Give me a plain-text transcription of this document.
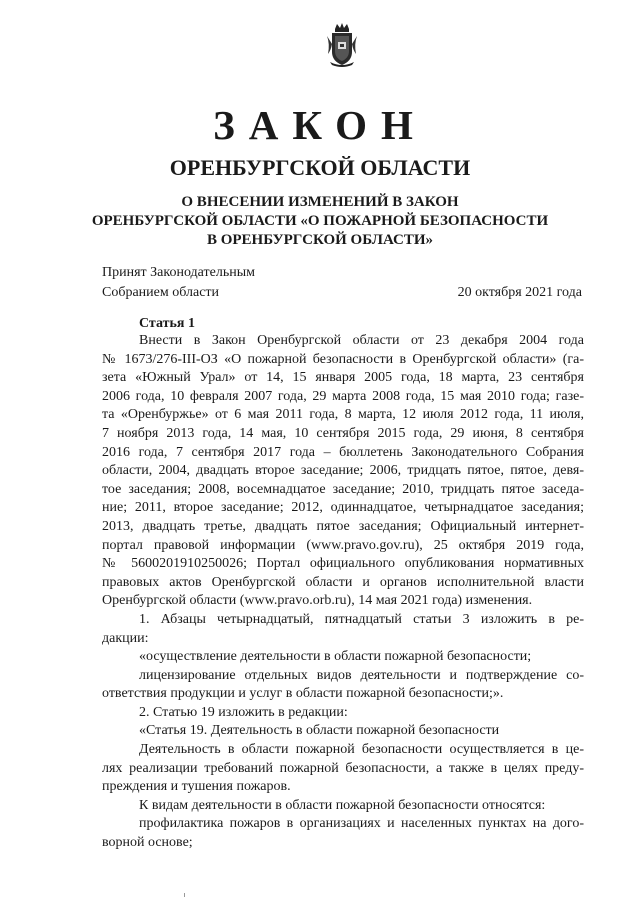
ЗАКОН
ОРЕНБУРГСКОЙ ОБЛАСТИ
О ВНЕСЕНИИ ИЗМЕНЕНИЙ В ЗАКОН
ОРЕНБУРГСКОЙ ОБЛАСТИ «О ПОЖАРНОЙ БЕЗОПАСНОСТИ
В ОРЕНБУРГСКОЙ ОБЛАСТИ»
Принят Законодательным
Собранием области	20 октября 2021 года
Статья 1
Внести в Закон Оренбургской области от 23 декабря 2004 года
№ 1673/276-III-ОЗ «О пожарной безопасности в Оренбургской области» (га-
зета «Южный Урал» от 14, 15 января 2005 года, 18 марта, 23 сентября
2006 года, 10 февраля 2007 года, 29 марта 2008 года, 15 мая 2010 года; газе-
та «Оренбуржье» от 6 мая 2011 года, 8 марта, 12 июля 2012 года, 11 июля,
7 ноября 2013 года, 14 мая, 10 сентября 2015 года, 29 июня, 8 сентября
2016 года, 7 сентября 2017 года – бюллетень Законодательного Собрания
области, 2004, двадцать второе заседание; 2006, тридцать пятое, пятое, девя-
тое заседания; 2008, восемнадцатое заседание; 2010, тридцать пятое заседа-
ние; 2011, второе заседание; 2012, одиннадцатое, четырнадцатое заседания;
2013, двадцать третье, двадцать пятое заседания; Официальный интернет-
портал правовой информации (www.pravo.gov.ru), 25 октября 2019 года,
№ 5600201910250026; Портал официального опубликования нормативных
правовых актов Оренбургской области и органов исполнительной власти
Оренбургской области (www.pravo.orb.ru), 14 мая 2021 года) изменения.
1. Абзацы четырнадцатый, пятнадцатый статьи 3 изложить в ре-
дакции:
«осуществление деятельности в области пожарной безопасности;
лицензирование отдельных видов деятельности и подтверждение со-
ответствия продукции и услуг в области пожарной безопасности;».
2. Статью 19 изложить в редакции:
«Статья 19. Деятельность в области пожарной безопасности
Деятельность в области пожарной безопасности осуществляется в це-
лях реализации требований пожарной безопасности, а также в целях преду-
преждения и тушения пожаров.
К видам деятельности в области пожарной безопасности относятся:
профилактика пожаров в организациях и населенных пунктах на дого-
ворной основе;
